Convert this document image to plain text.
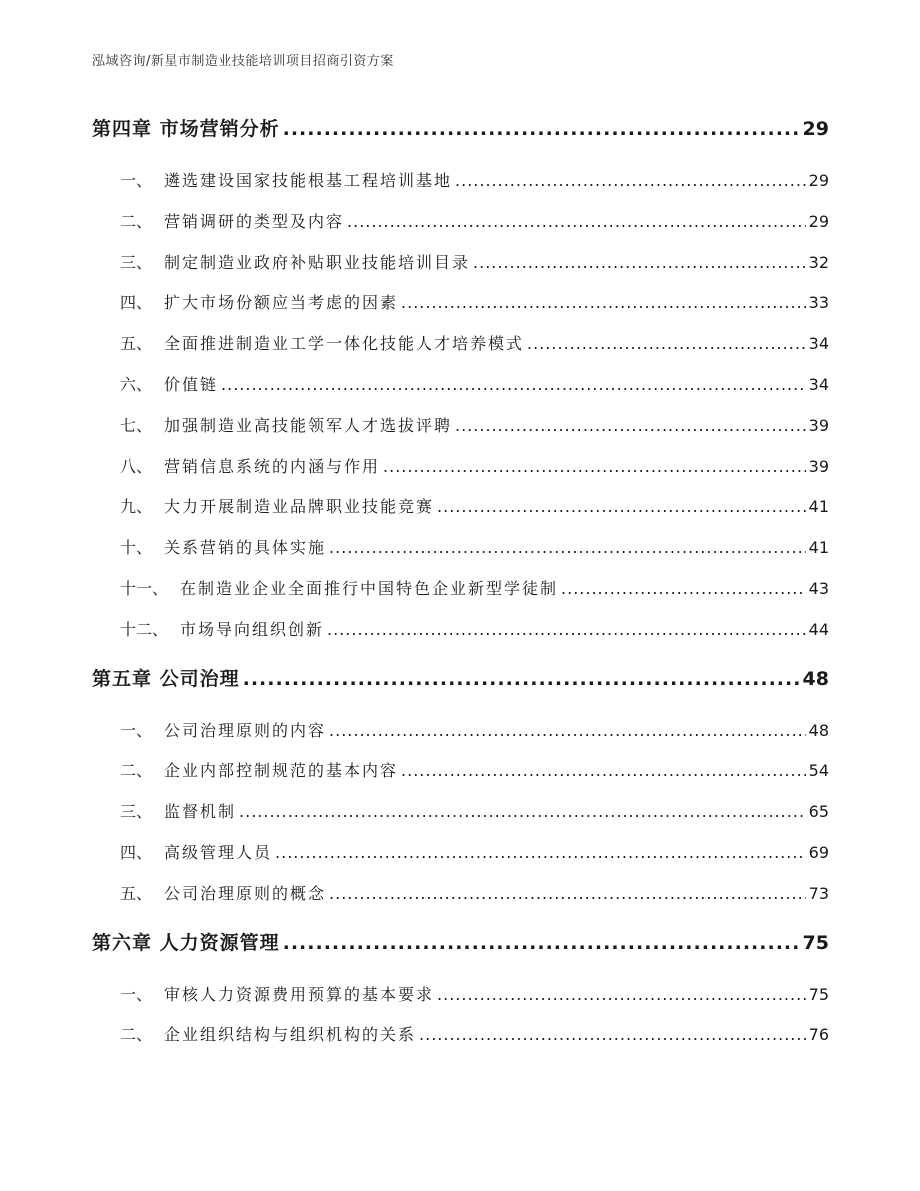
泓域咨询/新星市制造业技能培训项目招商引资方案
第四章 市场营销分析 .....	29
一、 遴选建设国家技能根基工程培训基地 .....	29
二、 营销调研的类型及内容 .....	29
三、 制定制造业政府补贴职业技能培训目录 .....	32
四、 扩大市场份额应当考虑的因素 .....	33
五、 全面推进制造业工学一体化技能人才培养模式 .....	34
六、 价值链 .....	34
七、 加强制造业高技能领军人才选拔评聘 .....	39
八、 营销信息系统的内涵与作用 .....	39
九、 大力开展制造业品牌职业技能竞赛 .....	41
十、 关系营销的具体实施 .....	41
十一、 在制造业企业全面推行中国特色企业新型学徒制 .....	43
十二、 市场导向组织创新 .....	44
第五章 公司治理 .....	48
一、 公司治理原则的内容 .....	48
二、 企业内部控制规范的基本内容 .....	54
三、 监督机制 .....	65
四、 高级管理人员 .....	69
五、 公司治理原则的概念 .....	73
第六章 人力资源管理 .....	75
一、 审核人力资源费用预算的基本要求 .....	75
二、 企业组织结构与组织机构的关系 .....	76
